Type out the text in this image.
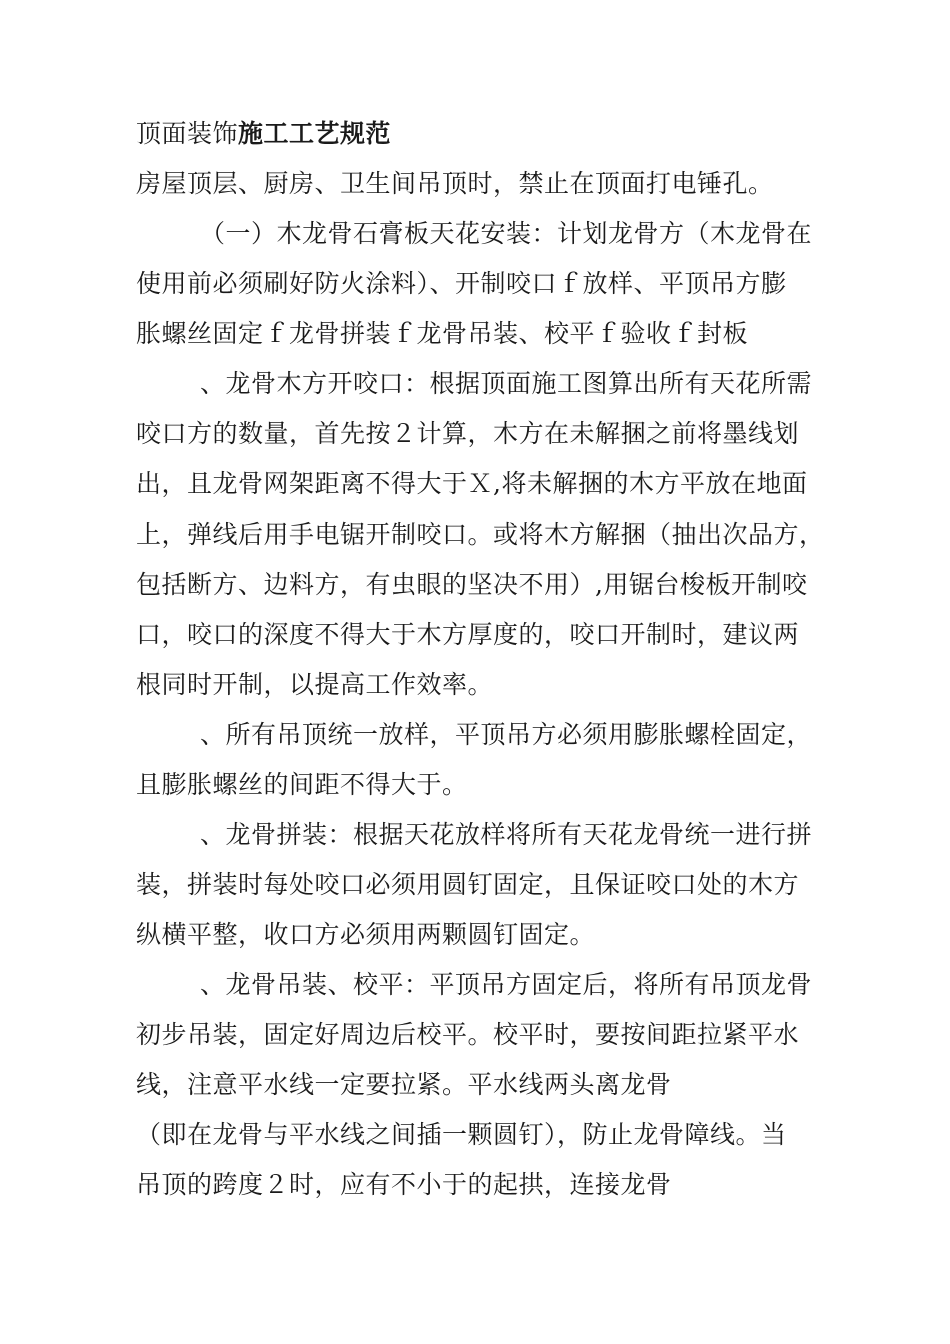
顶面装饰施工工艺规范
房屋顶层、厨房、卫生间吊顶时，禁止在顶面打电锤孔。
（一）木龙骨石膏板天花安装：计划龙骨方（木龙骨在
使用前必须刷好防火涂料）、开制咬口ｆ放样、平顶吊方膨
胀螺丝固定ｆ龙骨拼装ｆ龙骨吊装、校平ｆ验收ｆ封板
、龙骨木方开咬口：根据顶面施工图算出所有天花所需
咬口方的数量，首先按２计算，木方在未解捆之前将墨线划
出，且龙骨网架距离不得大于Ｘ,将未解捆的木方平放在地面
上，弹线后用手电锯开制咬口。或将木方解捆（抽出次品方，
包括断方、边料方，有虫眼的坚决不用）,用锯台梭板开制咬
口，咬口的深度不得大于木方厚度的，咬口开制时，建议两
根同时开制，以提高工作效率。
、所有吊顶统一放样，平顶吊方必须用膨胀螺栓固定，
且膨胀螺丝的间距不得大于。
、龙骨拼装：根据天花放样将所有天花龙骨统一进行拼
装，拼装时每处咬口必须用圆钉固定，且保证咬口处的木方
纵横平整，收口方必须用两颗圆钉固定。
、龙骨吊装、校平：平顶吊方固定后，将所有吊顶龙骨
初步吊装，固定好周边后校平。校平时，要按间距拉紧平水
线，注意平水线一定要拉紧。平水线两头离龙骨
（即在龙骨与平水线之间插一颗圆钉），防止龙骨障线。当
吊顶的跨度２时，应有不小于的起拱，连接龙骨
